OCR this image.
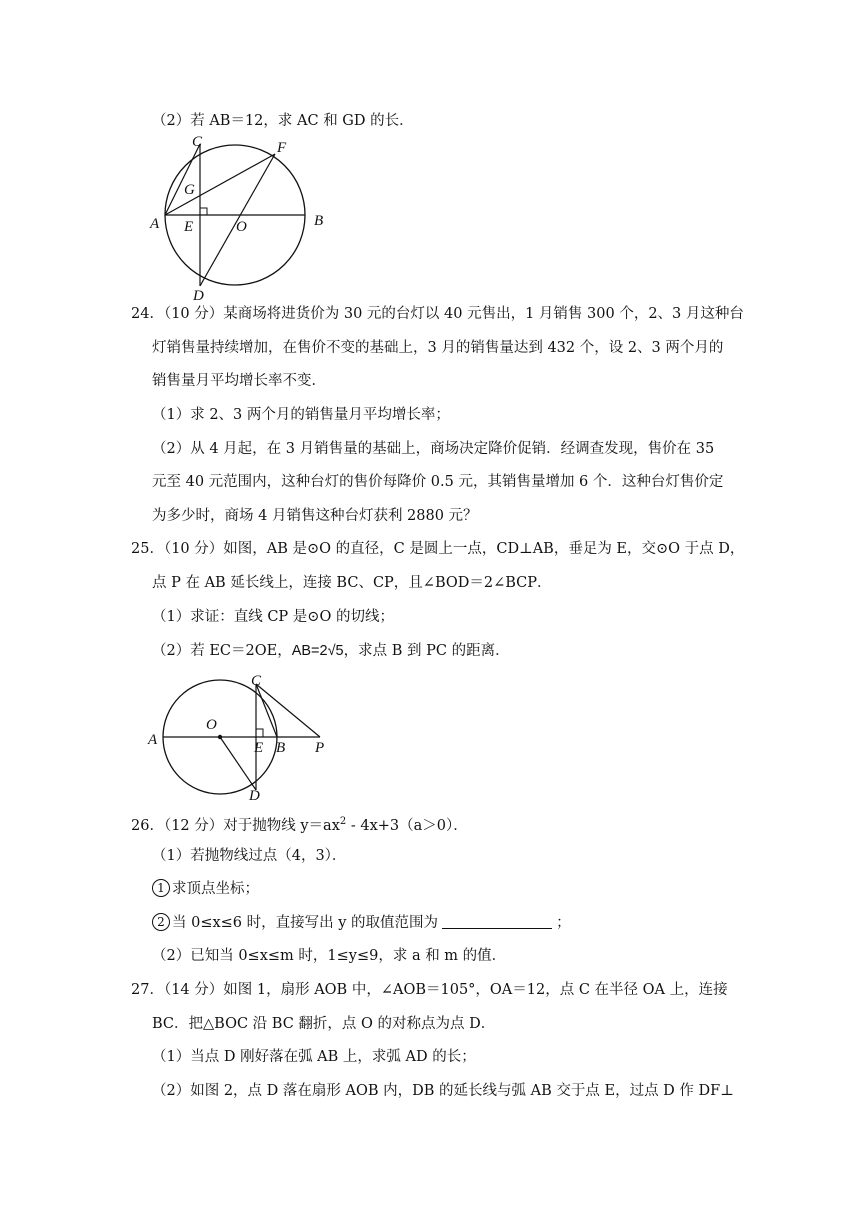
（2）若 AB＝12，求 AC 和 GD 的长．
C	F
G
A E	O	B
D
24．（10 分）某商场将进货价为 30 元的台灯以 40 元售出，1 月销售 300 个，2、3 月这种台
灯销售量持续增加，在售价不变的基础上，3 月的销售量达到 432 个，设 2、3 两个月的
销售量月平均增长率不变．
（1）求 2、3 两个月的销售量月平均增长率；
（2）从 4 月起，在 3 月销售量的基础上，商场决定降价促销．经调查发现，售价在 35
元至 40 元范围内，这种台灯的售价每降价 0.5 元，其销售量增加 6 个．这种台灯售价定
为多少时，商场 4 月销售这种台灯获利 2880 元？
25．（10 分）如图，AB 是⊙O 的直径，C 是圆上一点，CD⊥AB，垂足为 E，交⊙O 于点 D，
点 P 在 AB 延长线上，连接 BC、CP，且∠BOD＝2∠BCP．
（1）求证：直线 CP 是⊙O 的切线；
（2）若 EC＝2OE，AB=2√5，求点 B 到 PC 的距离．
C
O
A	E B P
D
26．（12 分）对于抛物线 $y=ax^2 - 4x+3(a>0)$．
（1）若抛物线过点（4，3）．
1 求顶点坐标；
2 当 0≤x≤6 时，直接写出 y 的取值范围为	；
（2）已知当 0≤x≤m 时，1≤y≤9，求 a 和 m 的值．
27．（14 分）如图 1，扇形 AOB 中，∠AOB＝105°，OA＝12，点 C 在半径 OA 上，连接
BC．把△BOC 沿 BC 翻折，点 O 的对称点为点 D．
（1）当点 D 刚好落在弧 AB 上，求弧 AD 的长；
（2）如图 2，点 D 落在扇形 AOB 内，DB 的延长线与弧 AB 交于点 E，过点 D 作 DF⊥
